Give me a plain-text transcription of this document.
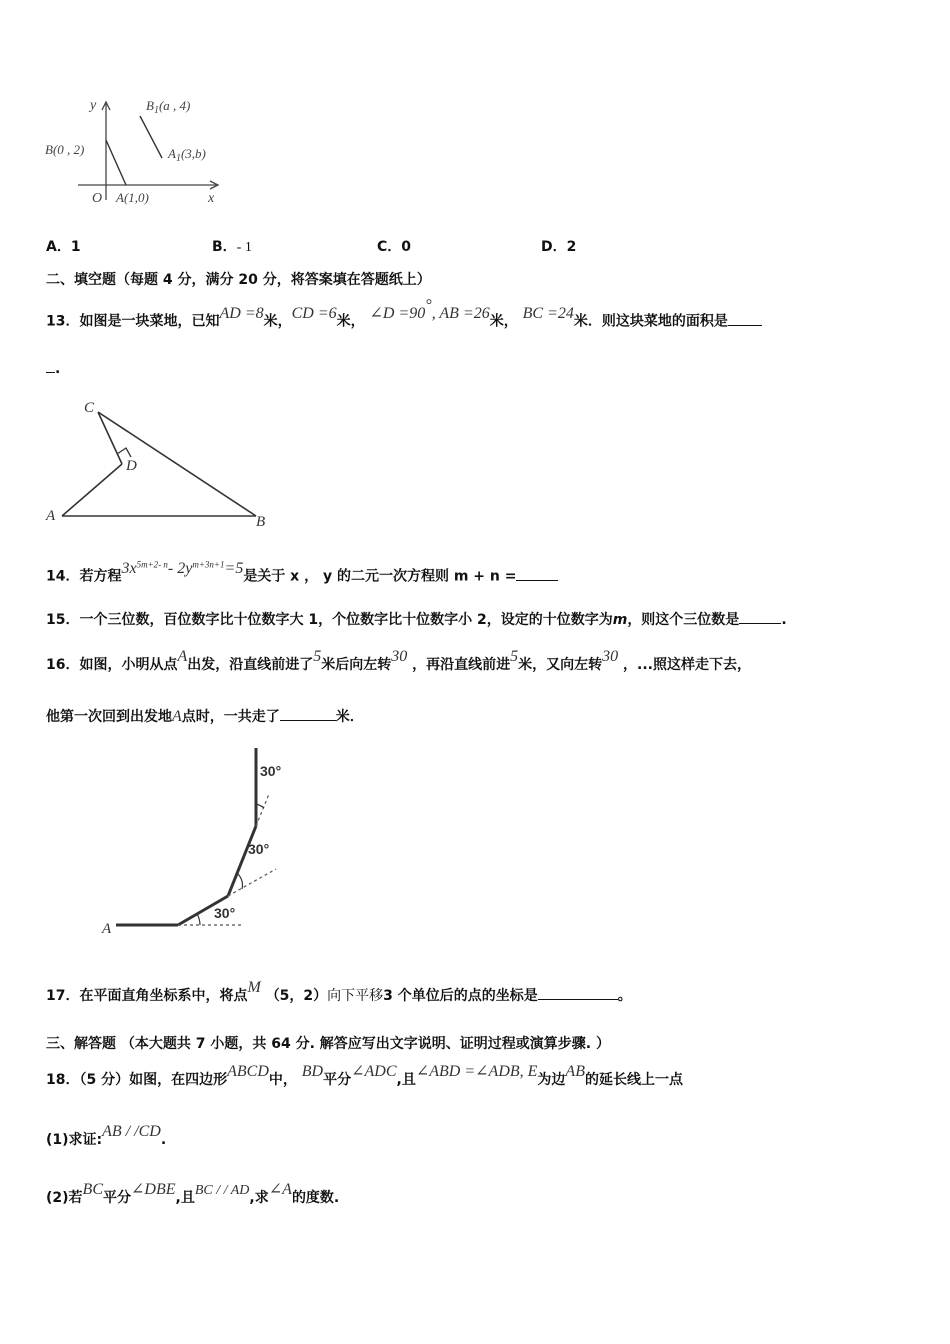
y
x
O
B(0 , 2)
A(1,0)
$B_1(a$ , 4)
$A_1(3,b)$
A．1	B．- 1	C．0	D．2
二、填空题（每题 4 分，满分 20 分，将答案填在答题纸上）
13．如图是一块菜地，已知AD =8米，CD =6米， ∠D =90°, AB =26米， BC =24米．则这块菜地的面积是
.
C
D
A	B
14．若方程$3x^{5m+2- n}-$ $2y^{m+3n+1}=5$是关于 x ， y 的二元一次方程则 m + n =
15．一个三位数，百位数字比十位数字大 1，个位数字比十位数字小 2，设定的十位数字为m，则这个三位数是	.
16．如图，小明从点A出发，沿直线前进了5米后向左转30 ，再沿直线前进5米，又向左转30 ，...照这样走下去，
他第一次回到出发地A点时，一共走了	米．
A
30°
30°
30°
17．在平面直角坐标系中，将点M （5，2）向下平移3 个单位后的点的坐标是	。
三、解答题 （本大题共 7 小题，共 64 分. 解答应写出文字说明、证明过程或演算步骤. ）
18．（5 分）如图，在四边形ABCD中， BD平分∠ADC,且∠ABD =∠ADB, E为边AB的延长线上一点
(1)求证:AB / /CD.
(2)若BC平分∠DBE,且BC / / AD,求∠A的度数.
